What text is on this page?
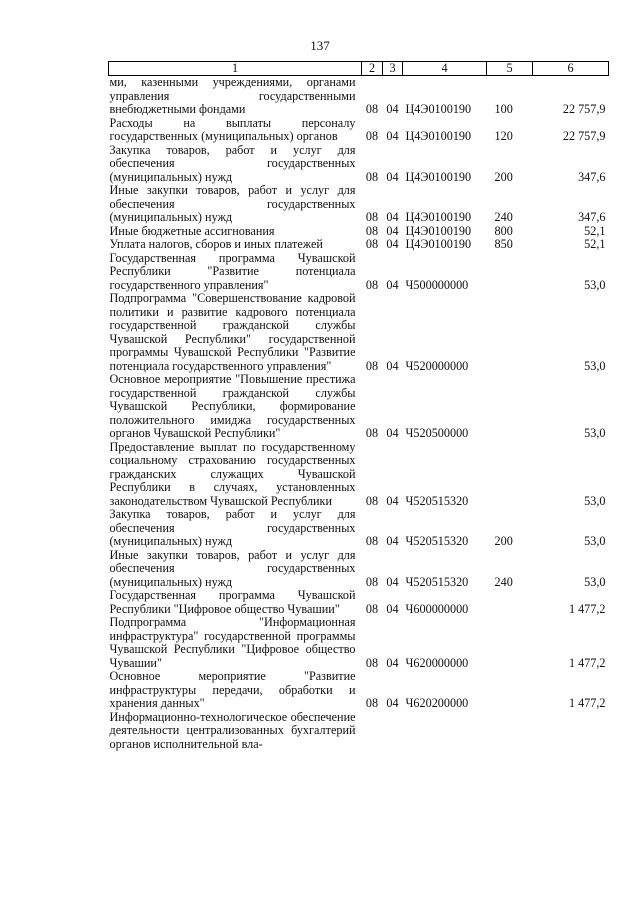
137
1	2	3	4	5	6
ми, казенными учреждениями, органами управления государственными внебюджетными фондами	08	04	Ц4Э0100190	100	22 757,9
Расходы на выплаты персоналу государственных (муниципальных) органов	08	04	Ц4Э0100190	120	22 757,9
Закупка товаров, работ и услуг для обеспечения государственных (муниципальных) нужд	08	04	Ц4Э0100190	200	347,6
Иные закупки товаров, работ и услуг для обеспечения государственных (муниципальных) нужд	08	04	Ц4Э0100190	240	347,6
Иные бюджетные ассигнования	08	04	Ц4Э0100190	800	52,1
Уплата налогов, сборов и иных платежей	08	04	Ц4Э0100190	850	52,1
Государственная программа Чувашской Республики "Развитие потенциала государственного управления"	08	04	Ч500000000		53,0
Подпрограмма "Совершенствование кадровой политики и развитие кадрового потенциала государственной гражданской службы Чувашской Республики" государственной программы Чувашской Республики "Развитие потенциала государственного управления"	08	04	Ч520000000		53,0
Основное мероприятие "Повышение престижа государственной гражданской службы Чувашской Республики, формирование положительного имиджа государственных органов Чувашской Республики"	08	04	Ч520500000		53,0
Предоставление выплат по государственному социальному страхованию государственных гражданских служащих Чувашской Республики в случаях, установленных законодательством Чувашской Республики	08	04	Ч520515320		53,0
Закупка товаров, работ и услуг для обеспечения государственных (муниципальных) нужд	08	04	Ч520515320	200	53,0
Иные закупки товаров, работ и услуг для обеспечения государственных (муниципальных) нужд	08	04	Ч520515320	240	53,0
Государственная программа Чувашской Республики "Цифровое общество Чувашии"	08	04	Ч600000000		1 477,2
Подпрограмма "Информационная инфраструктура" государственной программы Чувашской Республики "Цифровое общество Чувашии"	08	04	Ч620000000		1 477,2
Основное мероприятие "Развитие инфраструктуры передачи, обработки и хранения данных"	08	04	Ч620200000		1 477,2
Информационно-технологическое обеспечение деятельности централизованных бухгалтерий органов исполнительной вла-					
